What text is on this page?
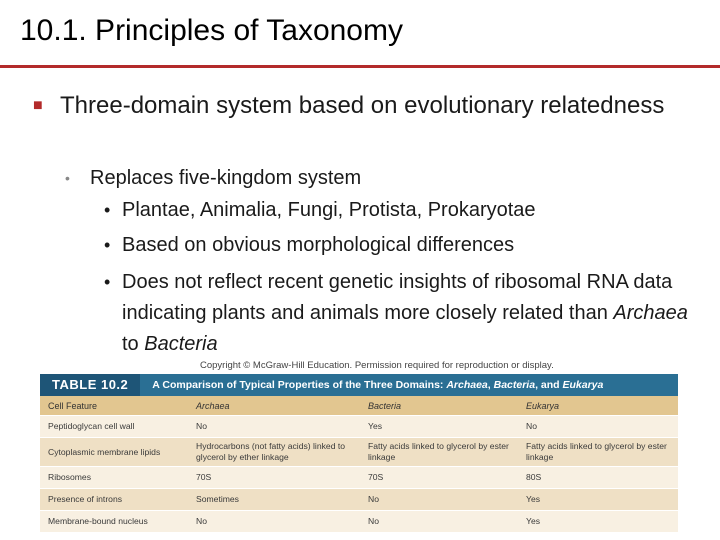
10.1. Principles of Taxonomy
■ Three-domain system based on evolutionary relatedness
• Replaces five-kingdom system
• Plantae, Animalia, Fungi, Protista, Prokaryotae
• Based on obvious morphological differences
• Does not reflect recent genetic insights of ribosomal RNA data indicating plants and animals more closely related than Archaea to Bacteria
Copyright © McGraw-Hill Education. Permission required for reproduction or display.
TABLE 10.2	A Comparison of Typical Properties of the Three Domains: Archaea, Bacteria, and Eukarya
Cell Feature	Archaea	Bacteria	Eukarya
Peptidoglycan cell wall	No	Yes	No
Cytoplasmic membrane lipids	Hydrocarbons (not fatty acids) linked to glycerol by ether linkage	Fatty acids linked to glycerol by ester linkage	Fatty acids linked to glycerol by ester linkage
Ribosomes	70S	70S	80S
Presence of introns	Sometimes	No	Yes
Membrane-bound nucleus	No	No	Yes
